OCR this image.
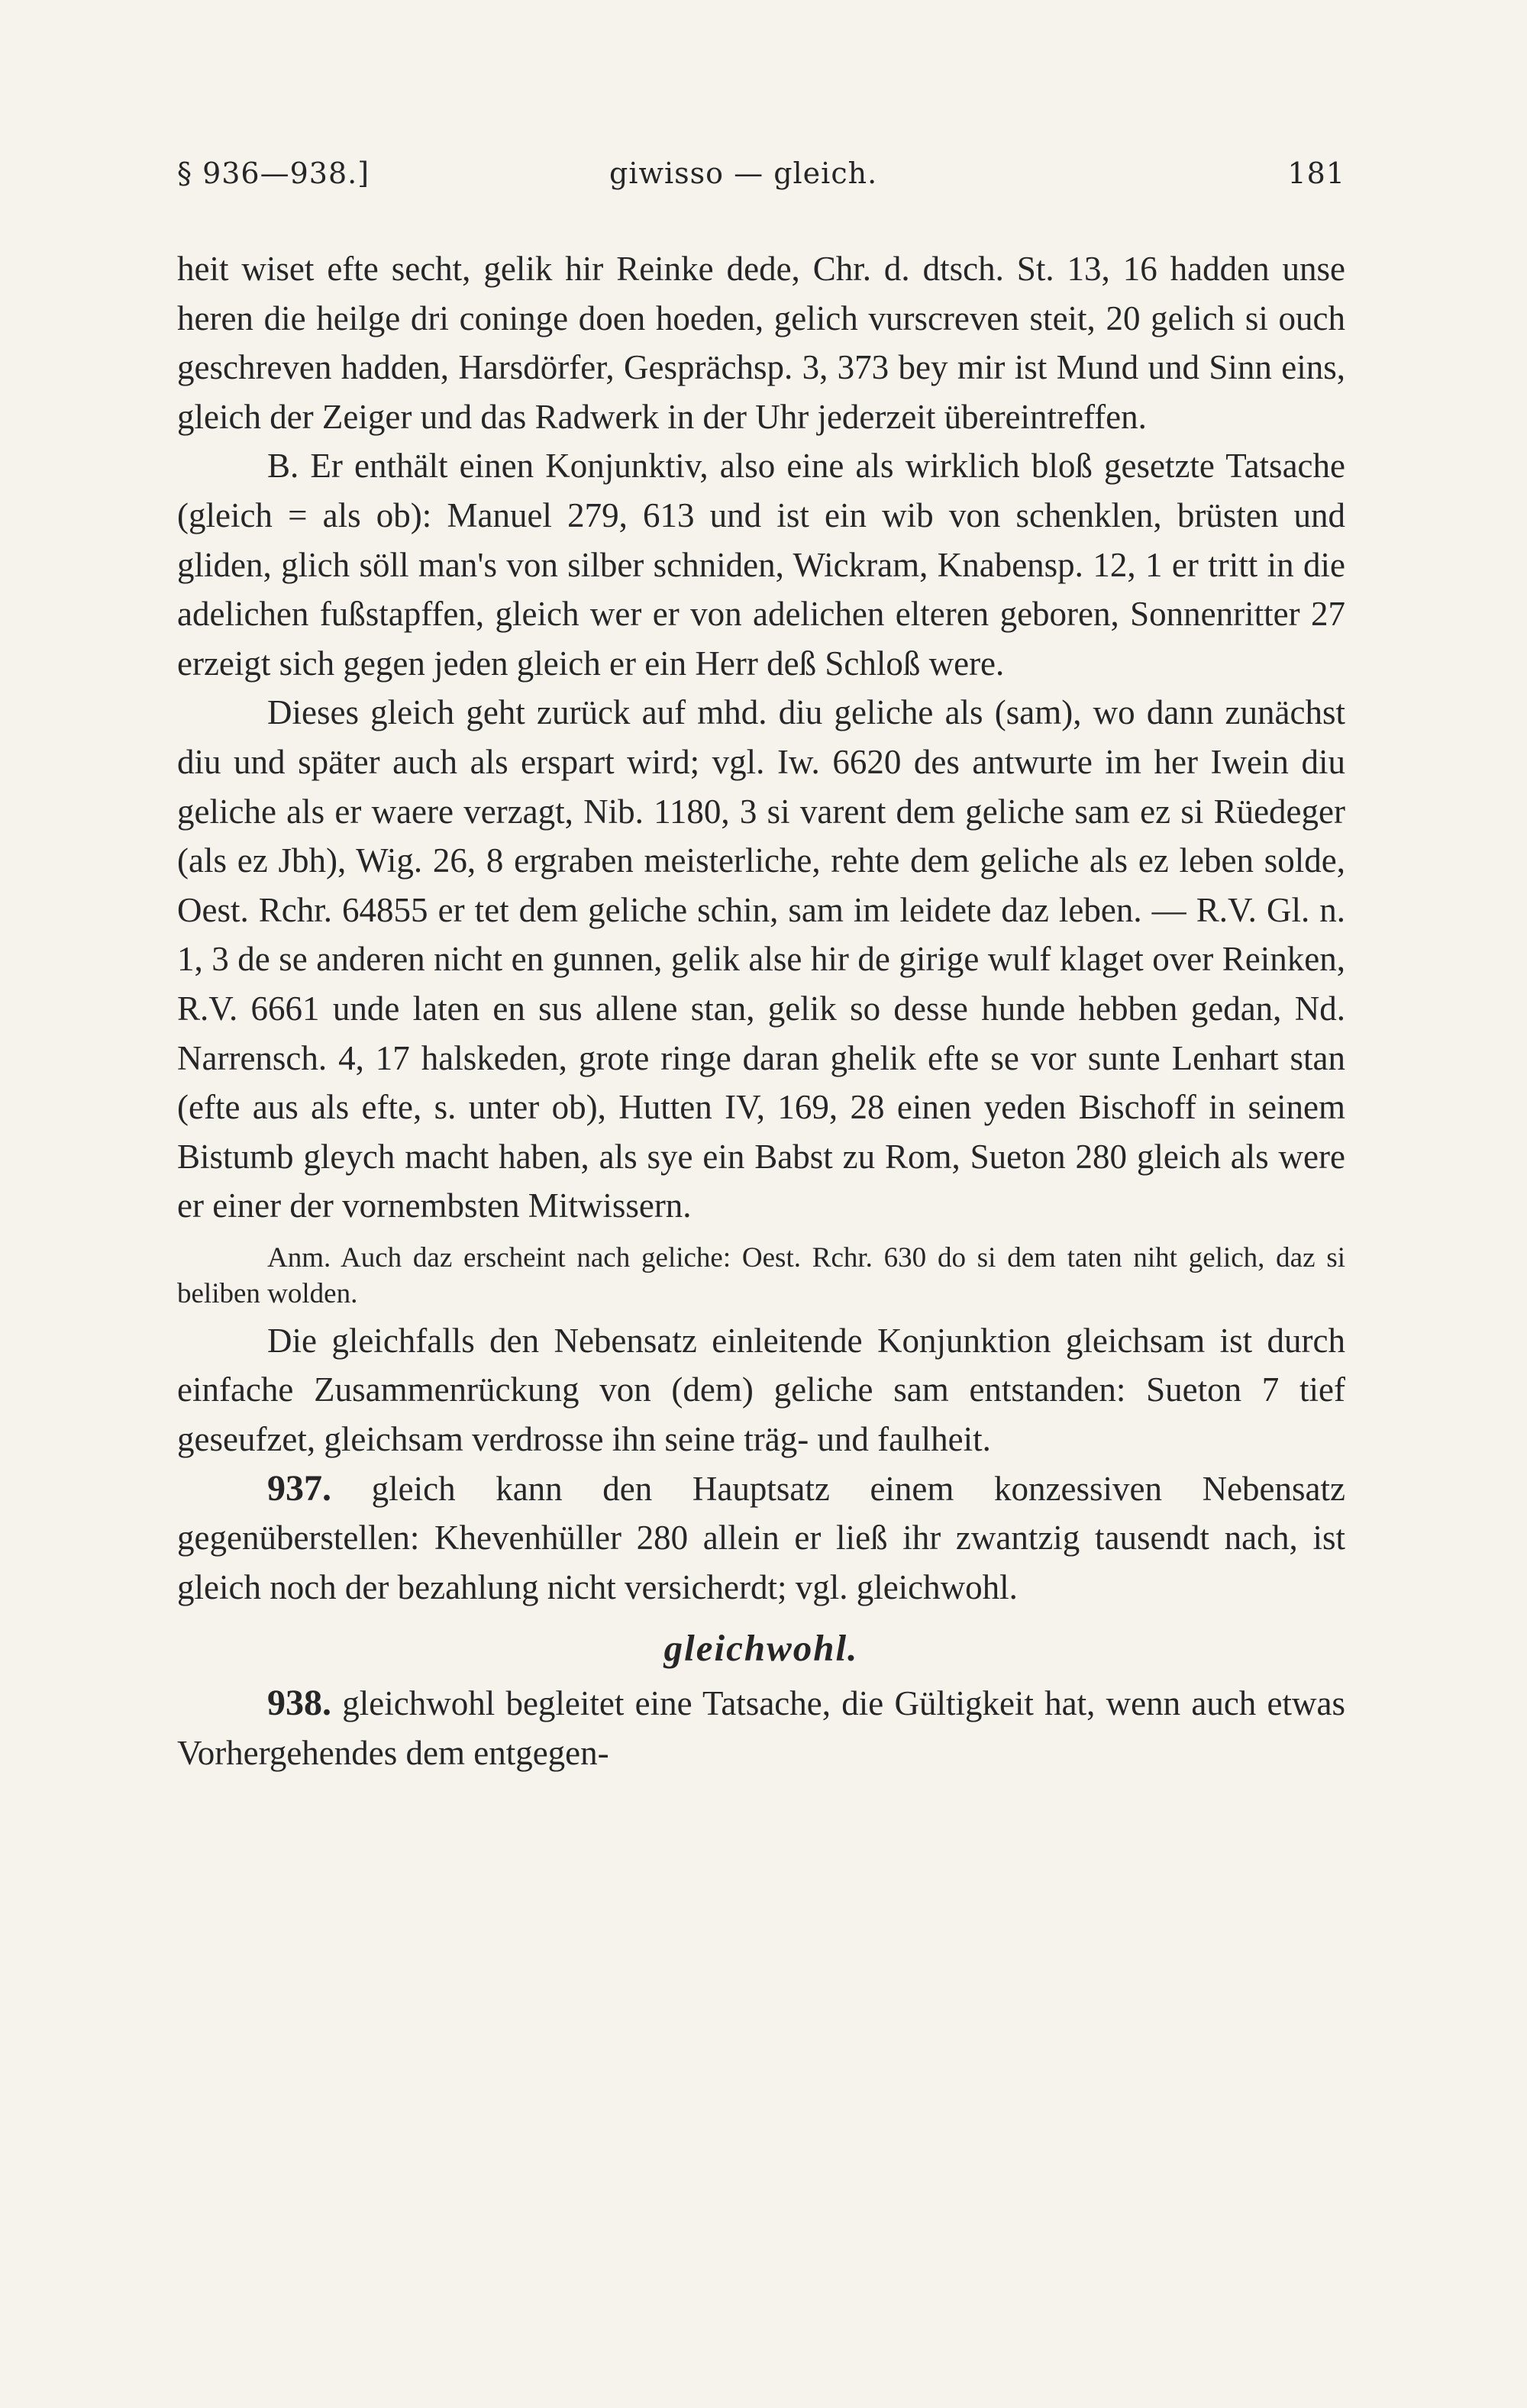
§ 936—938.]	giwisso — gleich.	181

heit wiset efte secht, gelik hir Reinke dede, Chr. d. dtsch. St. 13, 16 hadden unse heren die heilge dri coninge doen hoeden, gelich vurscreven steit, 20 gelich si ouch geschreven hadden, Harsdörfer, Gesprächsp. 3, 373 bey mir ist Mund und Sinn eins, gleich der Zeiger und das Radwerk in der Uhr jederzeit übereintreffen.

B. Er enthält einen Konjunktiv, also eine als wirklich bloß gesetzte Tatsache (gleich = als ob): Manuel 279, 613 und ist ein wib von schenklen, brüsten und gliden, glich söll man's von silber schniden, Wickram, Knabensp. 12, 1 er tritt in die adelichen fußstapffen, gleich wer er von adelichen elteren geboren, Sonnenritter 27 erzeigt sich gegen jeden gleich er ein Herr deß Schloß were.

Dieses gleich geht zurück auf mhd. diu geliche als (sam), wo dann zunächst diu und später auch als erspart wird; vgl. Iw. 6620 des antwurte im her Iwein diu geliche als er waere verzagt, Nib. 1180, 3 si varent dem geliche sam ez si Rüedeger (als ez Jbh), Wig. 26, 8 ergraben meisterliche, rehte dem geliche als ez leben solde, Oest. Rchr. 64855 er tet dem geliche schin, sam im leidete daz leben. — R.V. Gl. n. 1, 3 de se anderen nicht en gunnen, gelik alse hir de girige wulf klaget over Reinken, R.V. 6661 unde laten en sus allene stan, gelik so desse hunde hebben gedan, Nd. Narrensch. 4, 17 halskeden, grote ringe daran ghelik efte se vor sunte Lenhart stan (efte aus als efte, s. unter ob), Hutten IV, 169, 28 einen yeden Bischoff in seinem Bistumb gleych macht haben, als sye ein Babst zu Rom, Sueton 280 gleich als were er einer der vornembsten Mitwissern.

Anm. Auch daz erscheint nach geliche: Oest. Rchr. 630 do si dem taten niht gelich, daz si beliben wolden.

Die gleichfalls den Nebensatz einleitende Konjunktion gleichsam ist durch einfache Zusammenrückung von (dem) geliche sam entstanden: Sueton 7 tief geseufzet, gleichsam verdrosse ihn seine träg- und faulheit.

937. gleich kann den Hauptsatz einem konzessiven Nebensatz gegenüberstellen: Khevenhüller 280 allein er ließ ihr zwantzig tausendt nach, ist gleich noch der bezahlung nicht versicherdt; vgl. gleichwohl.

gleichwohl.

938. gleichwohl begleitet eine Tatsache, die Gültigkeit hat, wenn auch etwas Vorhergehendes dem entgegen-
